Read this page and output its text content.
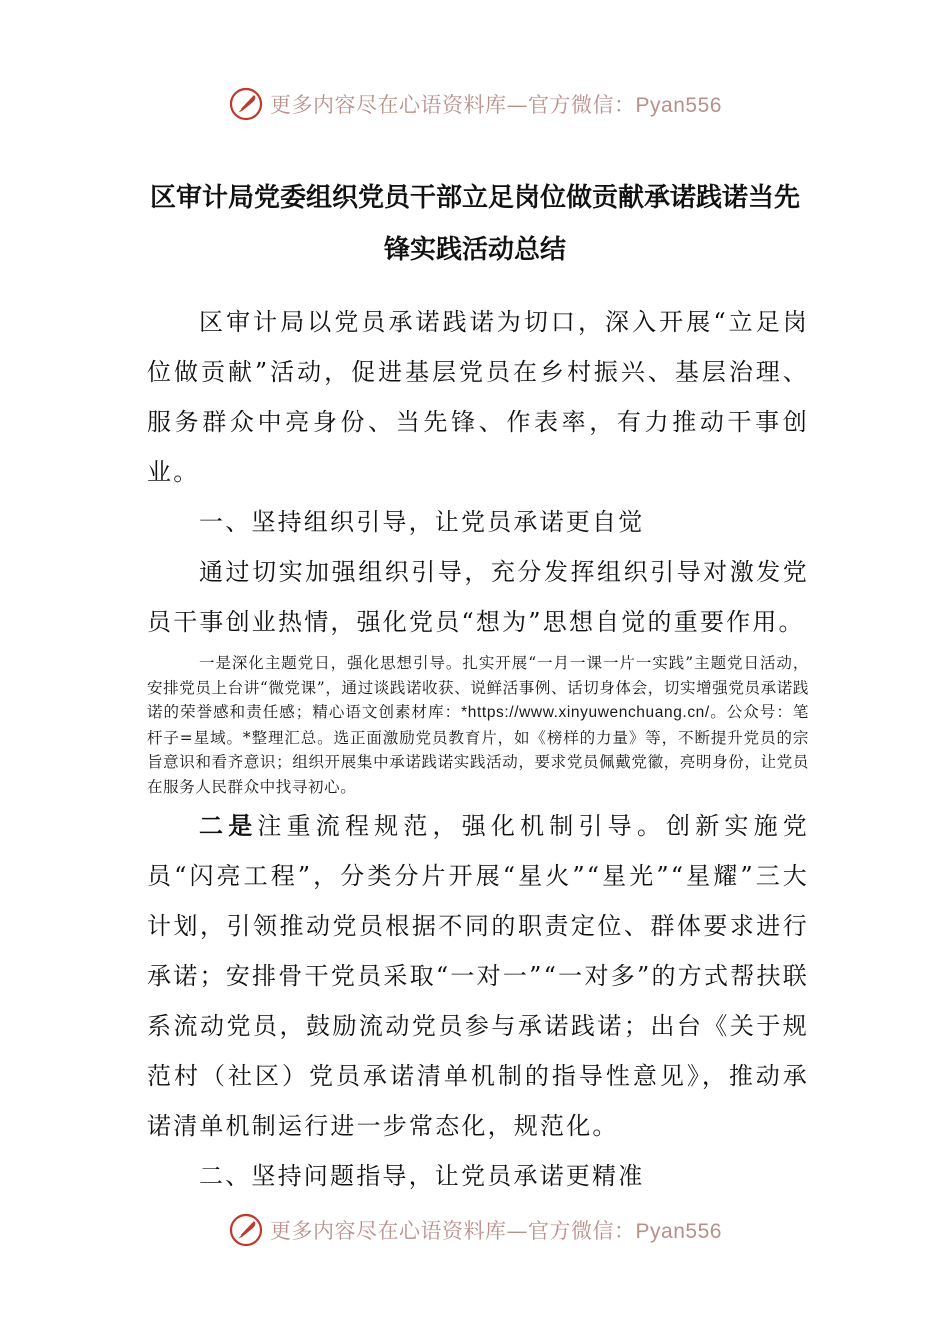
更多内容尽在心语资料库—官方微信：Pyan556
区审计局党委组织党员干部立足岗位做贡献承诺践诺当先
锋实践活动总结

区审计局以党员承诺践诺为切口，深入开展“立足岗位做贡献”活动，促进基层党员在乡村振兴、基层治理、服务群众中亮身份、当先锋、作表率，有力推动干事创业。

一、坚持组织引导，让党员承诺更自觉

通过切实加强组织引导，充分发挥组织引导对激发党员干事创业热情，强化党员“想为”思想自觉的重要作用。

一是深化主题党日，强化思想引导。扎实开展“一月一课一片一实践”主题党日活动，安排党员上台讲“微党课”，通过谈践诺收获、说鲜活事例、话切身体会，切实增强党员承诺践诺的荣誉感和责任感；精心语文创素材库：*https://www.xinyuwenchuang.cn/。公众号：笔杆子=星域。*整理汇总。选正面激励党员教育片，如《榜样的力量》等，不断提升党员的宗旨意识和看齐意识；组织开展集中承诺践诺实践活动，要求党员佩戴党徽，亮明身份，让党员在服务人民群众中找寻初心。

二是注重流程规范，强化机制引导。创新实施党员“闪亮工程”，分类分片开展“星火”“星光”“星耀”三大计划，引领推动党员根据不同的职责定位、群体要求进行承诺；安排骨干党员采取“一对一”“一对多”的方式帮扶联系流动党员，鼓励流动党员参与承诺践诺；出台《关于规范村（社区）党员承诺清单机制的指导性意见》，推动承诺清单机制运行进一步常态化，规范化。

二、坚持问题指导，让党员承诺更精准

更多内容尽在心语资料库—官方微信：Pyan556
